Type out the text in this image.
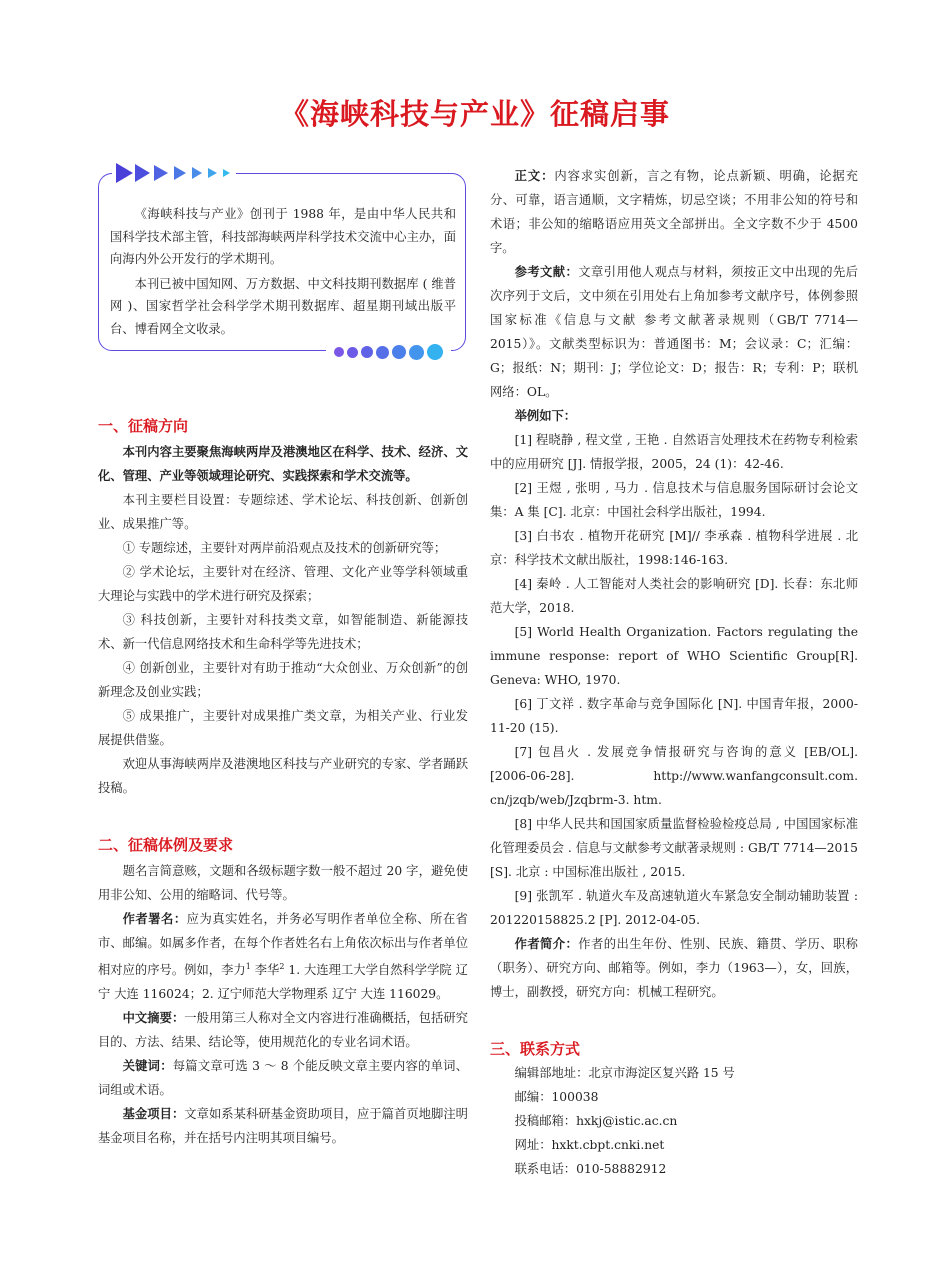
《海峡科技与产业》征稿启事

《海峡科技与产业》创刊于 1988 年，是由中华人民共和国科学技术部主管，科技部海峡两岸科学技术交流中心主办，面向海内外公开发行的学术期刊。

本刊已被中国知网、万方数据、中文科技期刊数据库 ( 维普网 )、国家哲学社会科学学术期刊数据库、超星期刊域出版平台、博看网全文收录。

一、征稿方向

本刊内容主要聚焦海峡两岸及港澳地区在科学、技术、经济、文化、管理、产业等领域理论研究、实践探索和学术交流等。

本刊主要栏目设置：专题综述、学术论坛、科技创新、创新创业、成果推广等。

① 专题综述，主要针对两岸前沿观点及技术的创新研究等；

② 学术论坛，主要针对在经济、管理、文化产业等学科领域重大理论与实践中的学术进行研究及探索；

③ 科技创新，主要针对科技类文章，如智能制造、新能源技术、新一代信息网络技术和生命科学等先进技术；

④ 创新创业，主要针对有助于推动“大众创业、万众创新”的创新理念及创业实践；

⑤ 成果推广，主要针对成果推广类文章，为相关产业、行业发展提供借鉴。

欢迎从事海峡两岸及港澳地区科技与产业研究的专家、学者踊跃投稿。

二、征稿体例及要求

题名言简意赅，文题和各级标题字数一般不超过 20 字，避免使用非公知、公用的缩略词、代号等。

作者署名：应为真实姓名，并务必写明作者单位全称、所在省市、邮编。如属多作者，在每个作者姓名右上角依次标出与作者单位相对应的序号。例如，李力$^1$ 李华$^2$ 1. 大连理工大学自然科学学院 辽宁 大连 116024；2. 辽宁师范大学物理系 辽宁 大连 116029。

中文摘要：一般用第三人称对全文内容进行准确概括，包括研究目的、方法、结果、结论等，使用规范化的专业名词术语。

关键词：每篇文章可选 3 ～ 8 个能反映文章主要内容的单词、词组或术语。

基金项目：文章如系某科研基金资助项目，应于篇首页地脚注明基金项目名称，并在括号内注明其项目编号。

正文：内容求实创新，言之有物，论点新颖、明确，论据充分、可靠，语言通顺，文字精炼，切忌空谈；不用非公知的符号和术语；非公知的缩略语应用英文全部拼出。全文字数不少于 4500 字。

参考文献：文章引用他人观点与材料，须按正文中出现的先后次序列于文后，文中须在引用处右上角加参考文献序号，体例参照国家标准《信息与文献 参考文献著录规则（GB/T 7714—2015）》。文献类型标识为：普通图书：M；会议录：C；汇编：G；报纸：N；期刊：J；学位论文：D；报告：R；专利：P；联机网络：OL。

举例如下：

[1] 程晓静 , 程文堂 , 王艳 . 自然语言处理技术在药物专利检索中的应用研究 [J]. 情报学报，2005，24 (1)：42-46.

[2] 王煜 , 张明 , 马力 . 信息技术与信息服务国际研讨会论文集：A 集 [C]. 北京：中国社会科学出版社，1994.

[3] 白书农 . 植物开花研究 [M]// 李承森 . 植物科学进展 . 北京：科学技术文献出版社，1998:146-163.

[4] 秦岭 . 人工智能对人类社会的影响研究 [D]. 长春：东北师范大学，2018.

[5] World Health Organization. Factors regulating the immune response: report of WHO Scientific Group[R]. Geneva: WHO, 1970.

[6] 丁文祥 . 数字革命与竞争国际化 [N]. 中国青年报，2000-11-20 (15).

[7] 包昌火 . 发展竞争情报研究与咨询的意义 [EB/OL]. [2006-06-28]. http://www.wanfangconsult.com. cn/jzqb/web/Jzqbrm-3. htm.

[8] 中华人民共和国国家质量监督检验检疫总局 , 中国国家标准化管理委员会 . 信息与文献参考文献著录规则 : GB/T 7714—2015 [S]. 北京 : 中国标准出版社 , 2015.

[9] 张凯军 . 轨道火车及高速轨道火车紧急安全制动辅助装置 : 201220158825.2 [P]. 2012-04-05.

作者简介：作者的出生年份、性别、民族、籍贯、学历、职称（职务）、研究方向、邮箱等。例如，李力（1963—），女，回族，博士，副教授，研究方向：机械工程研究。

三、联系方式
编辑部地址：北京市海淀区复兴路 15 号
邮编：100038
投稿邮箱：hxkj@istic.ac.cn
网址：hxkt.cbpt.cnki.net
联系电话：010-58882912
